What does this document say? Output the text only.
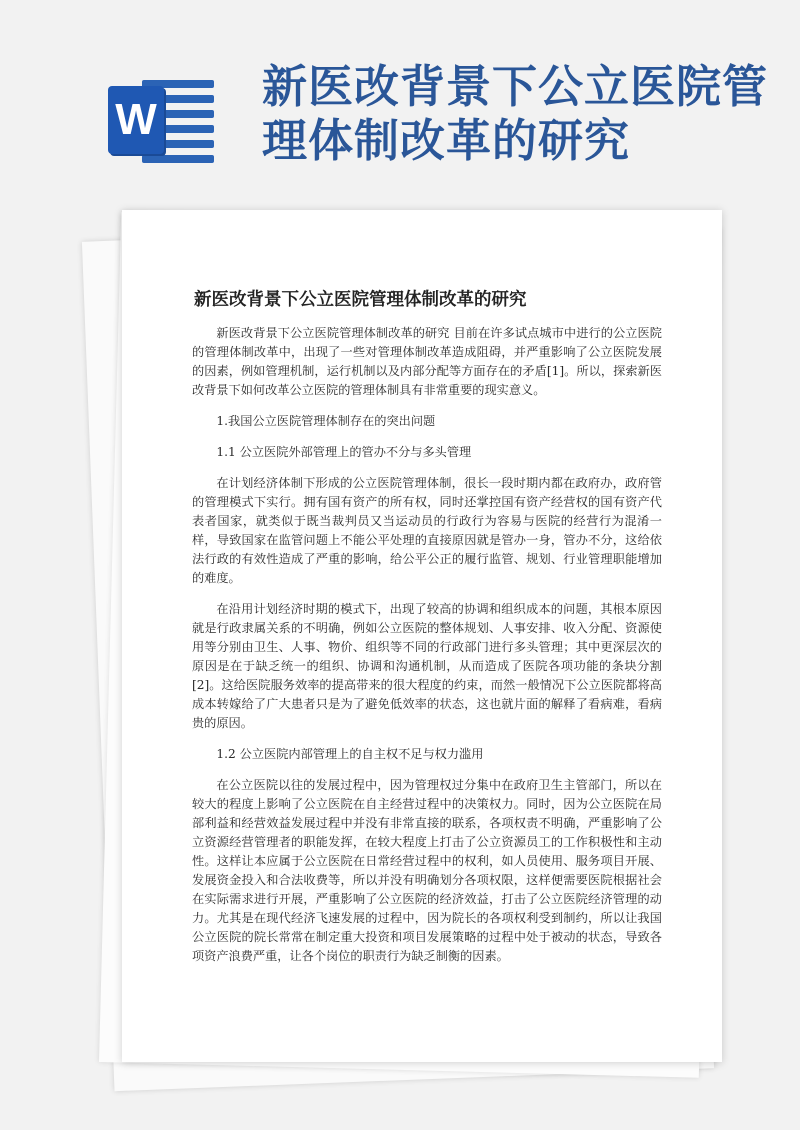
W
新医改背景下公立医院管理体制改革的研究
新医改背景下公立医院管理体制改革的研究

新医改背景下公立医院管理体制改革的研究 目前在许多试点城市中进行的公立医院的管理体制改革中，出现了一些对管理体制改革造成阻碍，并严重影响了公立医院发展的因素，例如管理机制，运行机制以及内部分配等方面存在的矛盾[1]。所以，探索新医改背景下如何改革公立医院的管理体制具有非常重要的现实意义。

1.我国公立医院管理体制存在的突出问题
1.1 公立医院外部管理上的管办不分与多头管理

在计划经济体制下形成的公立医院管理体制，很长一段时期内都在政府办，政府管的管理模式下实行。拥有国有资产的所有权，同时还掌控国有资产经营权的国有资产代表者国家，就类似于既当裁判员又当运动员的行政行为容易与医院的经营行为混淆一样，导致国家在监管问题上不能公平处理的直接原因就是管办一身，管办不分，这给依法行政的有效性造成了严重的影响，给公平公正的履行监管、规划、行业管理职能增加的难度。

在沿用计划经济时期的模式下，出现了较高的协调和组织成本的问题，其根本原因就是行政隶属关系的不明确，例如公立医院的整体规划、人事安排、收入分配、资源使用等分别由卫生、人事、物价、组织等不同的行政部门进行多头管理；其中更深层次的原因是在于缺乏统一的组织、协调和沟通机制，从而造成了医院各项功能的条块分割[2]。这给医院服务效率的提高带来的很大程度的约束，而然一般情况下公立医院都将高成本转嫁给了广大患者只是为了避免低效率的状态，这也就片面的解释了看病难，看病贵的原因。

1.2 公立医院内部管理上的自主权不足与权力滥用

在公立医院以往的发展过程中，因为管理权过分集中在政府卫生主管部门，所以在较大的程度上影响了公立医院在自主经营过程中的决策权力。同时，因为公立医院在局部利益和经营效益发展过程中并没有非常直接的联系，各项权责不明确，严重影响了公立资源经营管理者的职能发挥，在较大程度上打击了公立资源员工的工作积极性和主动性。这样让本应属于公立医院在日常经营过程中的权利，如人员使用、服务项目开展、发展资金投入和合法收费等，所以并没有明确划分各项权限，这样便需要医院根据社会在实际需求进行开展，严重影响了公立医院的经济效益，打击了公立医院经济管理的动力。尤其是在现代经济飞速发展的过程中，因为院长的各项权利受到制约，所以让我国公立医院的院长常常在制定重大投资和项目发展策略的过程中处于被动的状态，导致各项资产浪费严重，让各个岗位的职责行为缺乏制衡的因素。
